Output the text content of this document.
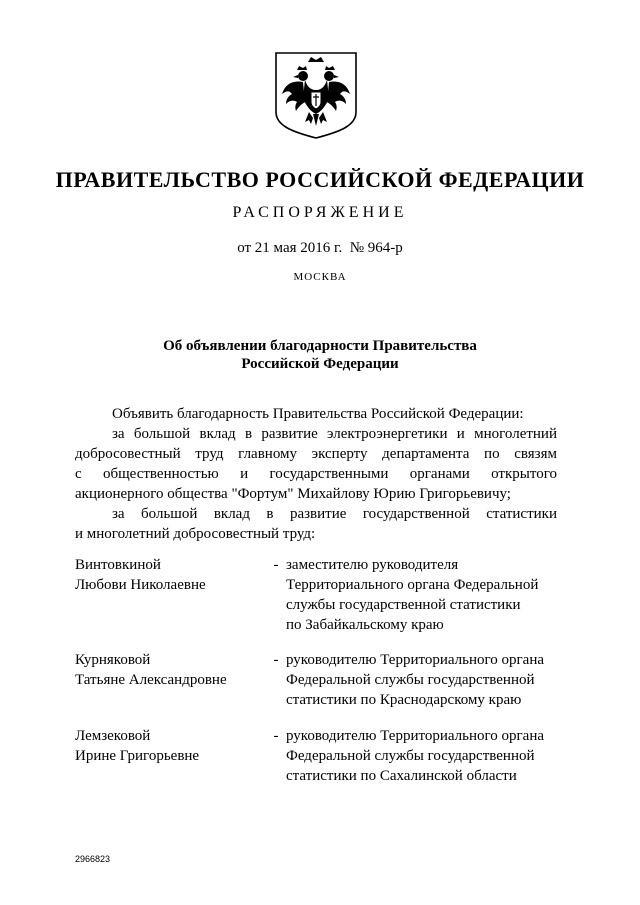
ПРАВИТЕЛЬСТВО РОССИЙСКОЙ ФЕДЕРАЦИИ
РАСПОРЯЖЕНИЕ
от 21 мая 2016 г.  № 964-р
МОСКВА
Об объявлении благодарности Правительства
Российской Федерации

Объявить благодарность Правительства Российской Федерации:

за большой вклад в развитие электроэнергетики и многолетний

добросовестный труд главному эксперту департамента по связям

с общественностью и государственными органами открытого

акционерного общества "Фортум" Михайлову Юрию Григорьевичу;

за большой вклад в развитие государственной статистики

и многолетний добросовестный труд:

Винтовкиной
Любови Николаевне
- заместителю руководителя
Территориального органа Федеральной
службы государственной статистики
по Забайкальскому краю
Курняковой
Татьяне Александровне
- руководителю Территориального органа
Федеральной службы государственной
статистики по Краснодарскому краю
Лемзековой
Ирине Григорьевне
- руководителю Территориального органа
Федеральной службы государственной
статистики по Сахалинской области
2966823
